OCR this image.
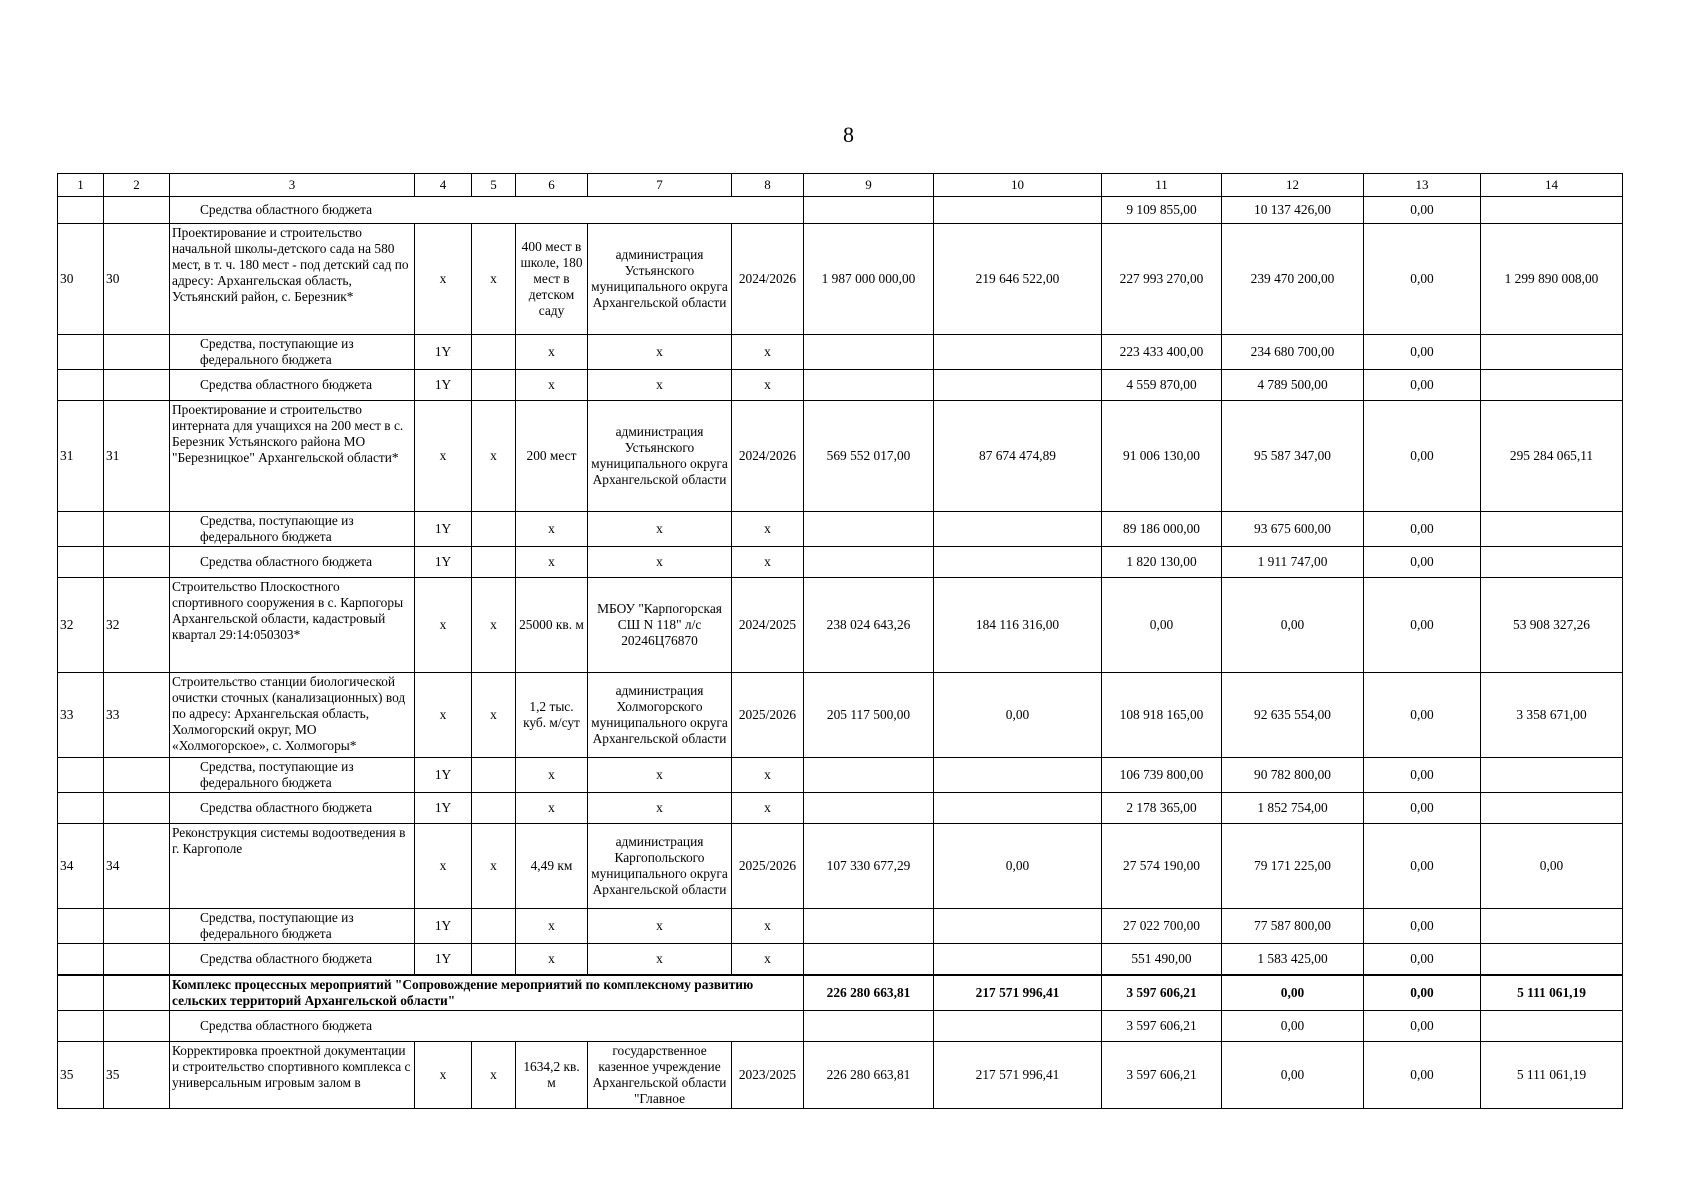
8
1	2	3	4	5	6	7	8	9	10	11	12	13	14
		Средства областного бюджета								9 109 855,00	10 137 426,00	0,00	
30	30	Проектирование и строительство начальной школы-детского сада на 580 мест, в т. ч. 180 мест - под детский сад по адресу: Архангельская область, Устьянский район, с. Березник*	х	х	400 мест в школе, 180 мест в детском саду	администрация Устьянского муниципального округа Архангельской области	2024/2026	1 987 000 000,00	219 646 522,00	227 993 270,00	239 470 200,00	0,00	1 299 890 008,00
		Средства, поступающие из федерального бюджета	1Y		х	х	х			223 433 400,00	234 680 700,00	0,00	
		Средства областного бюджета	1Y		х	х	х			4 559 870,00	4 789 500,00	0,00	
31	31	Проектирование и строительство интерната для учащихся на 200 мест в с. Березник Устьянского района МО "Березницкое" Архангельской области*	х	х	200 мест	администрация Устьянского муниципального округа Архангельской области	2024/2026	569 552 017,00	87 674 474,89	91 006 130,00	95 587 347,00	0,00	295 284 065,11
		Средства, поступающие из федерального бюджета	1Y		х	х	х			89 186 000,00	93 675 600,00	0,00	
		Средства областного бюджета	1Y		х	х	х			1 820 130,00	1 911 747,00	0,00	
32	32	Строительство Плоскостного спортивного сооружения в с. Карпогоры Архангельской области, кадастровый квартал 29:14:050303*	х	х	25000 кв. м	МБОУ "Карпогорская СШ N 118" л/с 20246Ц76870	2024/2025	238 024 643,26	184 116 316,00	0,00	0,00	0,00	53 908 327,26
33	33	Строительство станции биологической очистки сточных (канализационных) вод по адресу: Архангельская область, Холмогорский округ, МО «Холмогорское», с. Холмогоры*	х	х	1,2 тыс. куб. м/сут	администрация Холмогорского муниципального округа Архангельской области	2025/2026	205 117 500,00	0,00	108 918 165,00	92 635 554,00	0,00	3 358 671,00
		Средства, поступающие из федерального бюджета	1Y		х	х	х			106 739 800,00	90 782 800,00	0,00	
		Средства областного бюджета	1Y		х	х	х			2 178 365,00	1 852 754,00	0,00	
34	34	Реконструкция системы водоотведения в г. Каргополе	х	х	4,49 км	администрация Каргопольского муниципального округа Архангельской области	2025/2026	107 330 677,29	0,00	27 574 190,00	79 171 225,00	0,00	0,00
		Средства, поступающие из федерального бюджета	1Y		х	х	х			27 022 700,00	77 587 800,00	0,00	
		Средства областного бюджета	1Y		х	х	х			551 490,00	1 583 425,00	0,00	
		Комплекс процессных мероприятий "Сопровождение мероприятий по комплексному развитию сельских территорий Архангельской области"						226 280 663,81	217 571 996,41	3 597 606,21	0,00	0,00	5 111 061,19
		Средства областного бюджета								3 597 606,21	0,00	0,00	
35	35	Корректировка проектной документации и строительство спортивного комплекса с универсальным игровым залом в	х	х	1634,2 кв. м	государственное казенное учреждение Архангельской области "Главное	2023/2025	226 280 663,81	217 571 996,41	3 597 606,21	0,00	0,00	5 111 061,19
